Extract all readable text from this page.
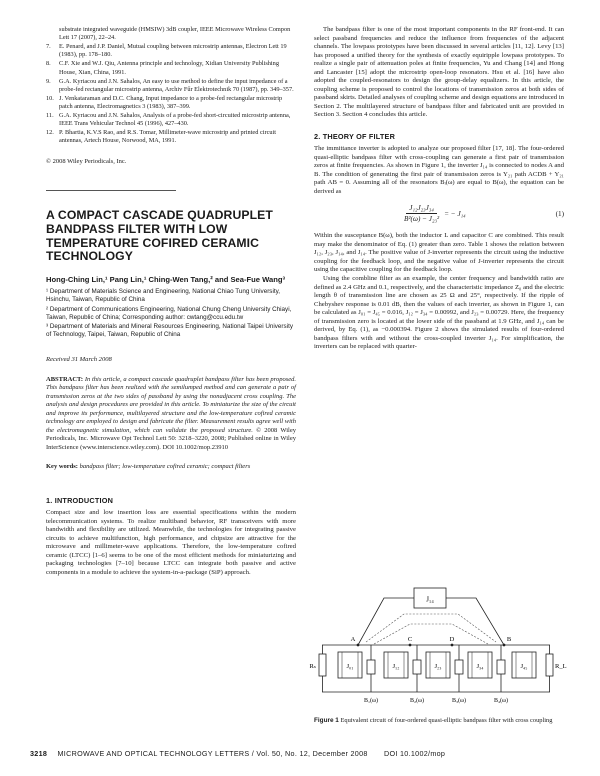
substrate integrated waveguide (HMSIW) 3dB coupler, IEEE Microwave Wireless Compon Lett 17 (2007), 22–24.
7.	E. Penard, and J.P. Daniel, Mutual coupling between microstrip antennas, Electron Lett 19 (1983), pp. 178–180.
8.	C.F. Xie and W.J. Qiu, Antenna principle and technology, Xidian University Publishing House, Xian, China, 1991.
9.	G.A. Kyriacou and J.N. Sahalos, An easy to use method to define the input impedance of a probe-fed rectangular microstrip antenna, Archiv Fűr Elektrotechnik 70 (1987), pp. 349–357.
10. J. Venkataraman and D.C. Chang, Input impedance to a probe-fed rectangular microstrip patch antenna, Electromagnetics 3 (1983), 387–399.
11. G.A. Kyriacou and J.N. Sahalos, Analysis of a probe-fed short-circuited microstrip antenna, IEEE Trans Vehicular Technol 45 (1996), 427–430.
12. P. Bhartia, K.V.S Rao, and R.S. Tomar, Millimeter-wave microstrip and printed circuit antennas, Artech House, Norwood, MA, 1991.

© 2008 Wiley Periodicals, Inc.

A COMPACT CASCADE QUADRUPLET BANDPASS FILTER WITH LOW TEMPERATURE COFIRED CERAMIC TECHNOLOGY

Hong-Ching Lin,¹ Pang Lin,¹ Ching-Wen Tang,² and Sea-Fue Wang³

¹ Department of Materials Science and Engineering, National Chiao Tung University, Hsinchu, Taiwan, Republic of China

² Department of Communications Engineering, National Chung Cheng University Chiayi, Taiwan, Republic of China; Corresponding author: cwtang@ccu.edu.tw

³ Department of Materials and Mineral Resources Engineering, National Taipei University of Technology, Taipei, Taiwan, Republic of China

Received 31 March 2008

ABSTRACT: In this article, a compact cascade quadruplet bandpass filter has been proposed. This bandpass filter has been realized with the semilumped method and can generate a pair of transmission zeros at the two sides of passband by using the nonadjacent cross coupling. The analysis and design procedures are provided in this article. To miniaturize the size of the circuit and improve its performance, multilayered structure and the low-temperature cofired ceramic technology are employed to design and fabricate the filter. Measurement results agree well with the electromagnetic simulation, which can validate the proposed structure. © 2008 Wiley Periodicals, Inc. Microwave Opt Technol Lett 50: 3218–3220, 2008; Published online in Wiley InterScience (www.interscience.wiley.com). DOI 10.1002/mop.23910

Key words: bandpass filter; low-temperature cofired ceramic; compact filters

1. INTRODUCTION

Compact size and low insertion loss are essential specifications within the modern telecommunication systems. To realize multiband behavior, RF transceivers with more bandwidth and flexibility are utilized. Meanwhile, the technologies for integrating passive circuits to achieve multifunction, high performance, and chipsize are attractive for the microwave and millimeter-wave applications. Therefore, the low-temperature cofired ceramic (LTCC) [1–6] seems to be one of the most efficient methods for miniaturizing and packaging technologies [7–10] because LTCC can integrate both passive and active components in a module to achieve the system-in-a-package (SiP) approach.

The bandpass filter is one of the most important components in the RF front-end. It can select passband frequencies and reduce the influence from frequencies of the adjacent channels. The lowpass prototypes have been discussed in several articles [11, 12]. Levy [13] has proposed a unified theory for the synthesis of exactly equiripple lowpass prototypes. To realize a single pair of attenuation poles at finite frequencies, Yu and Chang [14] and Hong and Lancaster [15] adopt the microstrip open-loop resonators. Hsu et al. [16] have also adopted the coupled-resonators to design the group-delay equalizers. In this article, the coupling scheme is proposed to control the locations of transmission zeros at both sides of passband skirts. Detailed analyses of coupling scheme and design equations are introduced in Section 2. The multilayered structure of bandpass filter and fabricated unit are provided in Section 3. Section 4 concludes this article.

2. THEORY OF FILTER

The immittance inverter is adopted to analyze our proposed filter [17, 18]. The four-ordered quasi-elliptic bandpass filter with cross-coupling can generate a first pair of transmission zeros at finite frequencies. As shown in Figure 1, the inverter J₁₄ is connected to nodes A and B. The condition of generating the first pair of transmission zeros is Y₂₁ path ACDB + Y₂₁ path AB = 0. Assuming all of the resonators Bᵢ(ω) are equal to B(ω), the equation can be derived as

$\frac{\text{J₁₂J₂₃J₃₄}}{\text{B²(ω) − J₂₃²}}$ = − J₁₄	(1)

Within the susceptance B(ω), both the inductor L and capacitor C are combined. This result may make the denominator of Eq. (1) greater than zero. Table 1 shows the relation between J₁₂, J₂₃, J₁₄, and J₁₄. The positive value of J-inverter represents the circuit using the inductive coupling for the feedback loop, and the negative value of J-inverter represents the circuit using the capacitive coupling for the feedback loop.

Using the combline filter as an example, the center frequency and bandwidth ratio are defined as 2.4 GHz and 0.1, respectively, and the characteristic impedance Z₀ and the electric length θ of transmission line are chosen as 25 Ω and 25°, respectively. If the ripple of Chebyshev response is 0.01 dB, then the values of each inverter, as shown in Figure 1, can be calculated as J₀₁ = J₄₅ = 0.016, J₁₂ = J₃₄ = 0.00992, and J₂₃ = 0.00729. Here, the frequency of transmission zero is located at the lower side of the passband at 1.9 GHz, and J₁₄ can be derived, by Eq. (1), as −0.000394. Figure 2 shows the simulated results of four-ordered bandpass filters with and without the cross-coupled inverter J₁₄. For simplification, the inverters can be replaced with quarter-

J₁₄
A	C	D	B
Rₛ	R_L
J₀₁	J₁₂	J₂₃	J₃₄	J₄₅
B₁(ω)	B₂(ω)	B₃(ω)	B₄(ω)

Figure 1 Equivalent circuit of four-ordered quasi-elliptic bandpass filter with cross coupling

3218 MICROWAVE AND OPTICAL TECHNOLOGY LETTERS / Vol. 50, No. 12, December 2008 DOI 10.1002/mop
